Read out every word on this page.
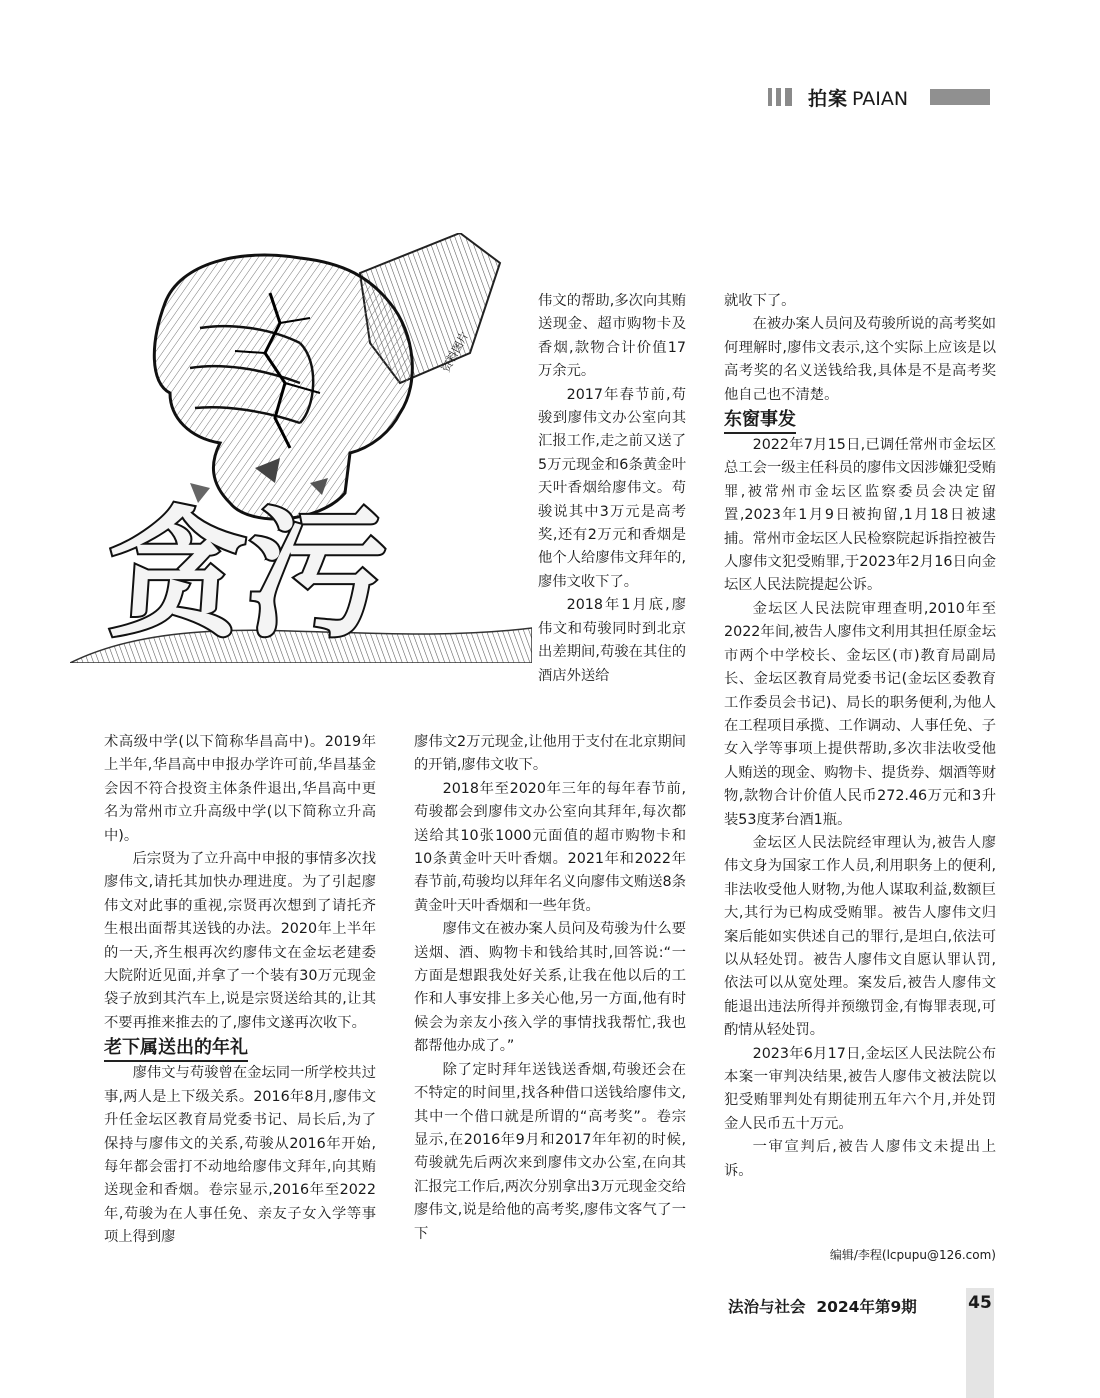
拍案 PAIAN
资料图片
贪污

术高级中学(以下简称华昌高中)。2019年上半年,华昌高中申报办学许可前,华昌基金会因不符合投资主体条件退出,华昌高中更名为常州市立升高级中学(以下简称立升高中)。

后宗贤为了立升高中申报的事情多次找廖伟文,请托其加快办理进度。为了引起廖伟文对此事的重视,宗贤再次想到了请托齐生根出面帮其送钱的办法。2020年上半年的一天,齐生根再次约廖伟文在金坛老建委大院附近见面,并拿了一个装有30万元现金袋子放到其汽车上,说是宗贤送给其的,让其不要再推来推去的了,廖伟文遂再次收下。

老下属送出的年礼

廖伟文与苟骏曾在金坛同一所学校共过事,两人是上下级关系。2016年8月,廖伟文升任金坛区教育局党委书记、局长后,为了保持与廖伟文的关系,苟骏从2016年开始,每年都会雷打不动地给廖伟文拜年,向其贿送现金和香烟。卷宗显示,2016年至2022年,苟骏为在人事任免、亲友子女入学等事项上得到廖

伟文的帮助,多次向其贿送现金、超市购物卡及香烟,款物合计价值17万余元。

2017年春节前,苟骏到廖伟文办公室向其汇报工作,走之前又送了5万元现金和6条黄金叶天叶香烟给廖伟文。苟骏说其中3万元是高考奖,还有2万元和香烟是他个人给廖伟文拜年的,廖伟文收下了。

2018年1月底,廖伟文和苟骏同时到北京出差期间,苟骏在其住的酒店外送给

廖伟文2万元现金,让他用于支付在北京期间的开销,廖伟文收下。

2018年至2020年三年的每年春节前,苟骏都会到廖伟文办公室向其拜年,每次都送给其10张1000元面值的超市购物卡和10条黄金叶天叶香烟。2021年和2022年春节前,苟骏均以拜年名义向廖伟文贿送8条黄金叶天叶香烟和一些年货。

廖伟文在被办案人员问及苟骏为什么要送烟、酒、购物卡和钱给其时,回答说:“一方面是想跟我处好关系,让我在他以后的工作和人事安排上多关心他,另一方面,他有时候会为亲友小孩入学的事情找我帮忙,我也都帮他办成了。”

除了定时拜年送钱送香烟,苟骏还会在不特定的时间里,找各种借口送钱给廖伟文,其中一个借口就是所谓的“高考奖”。卷宗显示,在2016年9月和2017年年初的时候,苟骏就先后两次来到廖伟文办公室,在向其汇报完工作后,两次分别拿出3万元现金交给廖伟文,说是给他的高考奖,廖伟文客气了一下

就收下了。

在被办案人员问及苟骏所说的高考奖如何理解时,廖伟文表示,这个实际上应该是以高考奖的名义送钱给我,具体是不是高考奖他自己也不清楚。

东窗事发

2022年7月15日,已调任常州市金坛区总工会一级主任科员的廖伟文因涉嫌犯受贿罪,被常州市金坛区监察委员会决定留置,2023年1月9日被拘留,1月18日被逮捕。常州市金坛区人民检察院起诉指控被告人廖伟文犯受贿罪,于2023年2月16日向金坛区人民法院提起公诉。

金坛区人民法院审理查明,2010年至2022年间,被告人廖伟文利用其担任原金坛市两个中学校长、金坛区(市)教育局副局长、金坛区教育局党委书记(金坛区委教育工作委员会书记)、局长的职务便利,为他人在工程项目承揽、工作调动、人事任免、子女入学等事项上提供帮助,多次非法收受他人贿送的现金、购物卡、提货券、烟酒等财物,款物合计价值人民币272.46万元和3升装53度茅台酒1瓶。

金坛区人民法院经审理认为,被告人廖伟文身为国家工作人员,利用职务上的便利,非法收受他人财物,为他人谋取利益,数额巨大,其行为已构成受贿罪。被告人廖伟文归案后能如实供述自己的罪行,是坦白,依法可以从轻处罚。被告人廖伟文自愿认罪认罚,依法可以从宽处理。案发后,被告人廖伟文能退出违法所得并预缴罚金,有悔罪表现,可酌情从轻处罚。

2023年6月17日,金坛区人民法院公布本案一审判决结果,被告人廖伟文被法院以犯受贿罪判处有期徒刑五年六个月,并处罚金人民币五十万元。

一审宣判后,被告人廖伟文未提出上诉。

编辑/李程(lcpupu@126.com)
法治与社会 2024年第9期	45
